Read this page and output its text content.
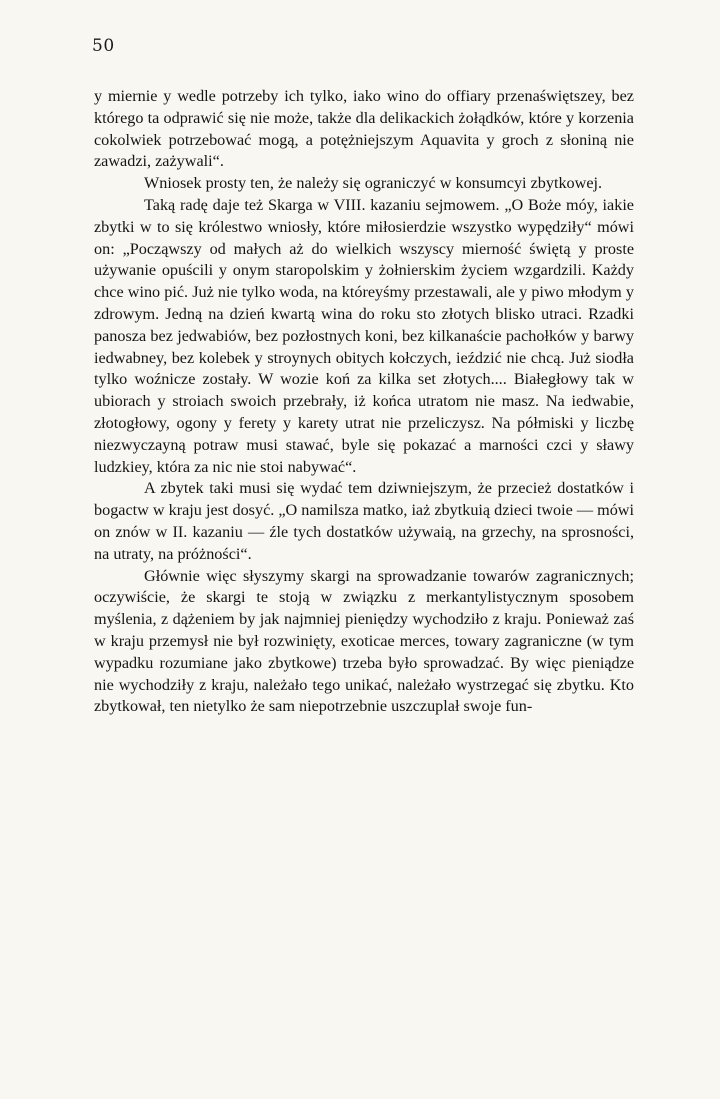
50

y miernie y wedle potrzeby ich tylko, iako wino do offiary przenaświętszey, bez którego ta odprawić się nie może, także dla delikackich żołądków, które y korzenia cokolwiek potrzebować mogą, a potężniejszym Aquavita y groch z słoniną nie zawadzi, zażywali“.

Wniosek prosty ten, że należy się ograniczyć w konsumcyi zbytkowej.

Taką radę daje też Skarga w VIII. kazaniu sejmowem. „O Boże móy, iakie zbytki w to się królestwo wniosły, które miłosierdzie wszystko wypędziły“ mówi on: „Począwszy od małych aż do wielkich wszyscy mierność świętą y proste używanie opuścili y onym staropolskim y żołnierskim życiem wzgardzili. Każdy chce wino pić. Już nie tylko woda, na któreyśmy przestawali, ale y piwo młodym y zdrowym. Jedną na dzień kwartą wina do roku sto złotych blisko utraci. Rzadki panosza bez jedwabiów, bez pozłostnych koni, bez kilkanaście pachołków y barwy iedwabney, bez kolebek y stroynych obitych kołczych, ieździć nie chcą. Już siodła tylko woźnicze zostały. W wozie koń za kilka set złotych.... Białegłowy tak w ubiorach y stroiach swoich przebrały, iż końca utratom nie masz. Na iedwabie, złotogłowy, ogony y ferety y karety utrat nie przeliczysz. Na półmiski y liczbę niezwyczayną potraw musi stawać, byle się pokazać a marności czci y sławy ludzkiey, która za nic nie stoi nabywać“.

A zbytek taki musi się wydać tem dziwniejszym, że przecież dostatków i bogactw w kraju jest dosyć. „O namilsza matko, iaż zbytkuią dzieci twoie — mówi on znów w II. kazaniu — źle tych dostatków używaią, na grzechy, na sprosności, na utraty, na próżności“.

Głównie więc słyszymy skargi na sprowadzanie towarów zagranicznych; oczywiście, że skargi te stoją w związku z merkantylistycznym sposobem myślenia, z dążeniem by jak najmniej pieniędzy wychodziło z kraju. Ponieważ zaś w kraju przemysł nie był rozwinięty, exoticae merces, towary zagraniczne (w tym wypadku rozumiane jako zbytkowe) trzeba było sprowadzać. By więc pieniądze nie wychodziły z kraju, należało tego unikać, należało wystrzegać się zbytku. Kto zbytkował, ten nietylko że sam niepotrzebnie uszczuplał swoje fun-
